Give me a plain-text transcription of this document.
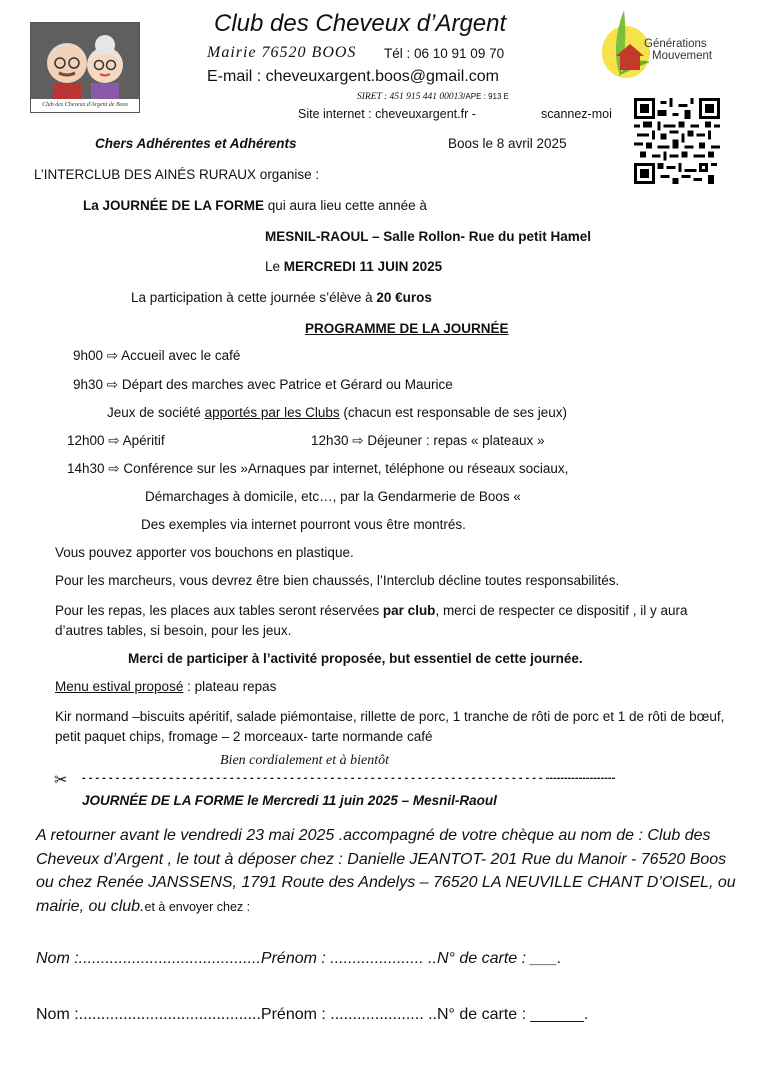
Club des Cheveux d'Argent de Boos
Club des Cheveux d’Argent
Mairie 76520 BOOS Tél : 06 10 91 09 70
E-mail : cheveuxargent.boos@gmail.com
SIRET : 451 915 441 00013/APE : 913 E
Site internet : cheveuxargent.fr -	scannez-moi
Générations
Mouvement
Chers Adhérentes et Adhérents	Boos le 8 avril 2025
L’INTERCLUB DES AINÉS RURAUX organise :
La JOURNÉE DE LA FORME qui aura lieu cette année à
MESNIL-RAOUL – Salle Rollon- Rue du petit Hamel
Le MERCREDI 11 JUIN 2025
La participation à cette journée s’élève à 20 €uros
PROGRAMME DE LA JOURNÉE
9h00 ⇨ Accueil avec le café
9h30 ⇨ Départ des marches avec Patrice et Gérard ou Maurice
Jeux de société apportés par les Clubs (chacun est responsable de ses jeux)
12h00 ⇨ Apéritif	12h30 ⇨ Déjeuner : repas « plateaux »
14h30 ⇨ Conférence sur les »Arnaques par internet, téléphone ou réseaux sociaux,
Démarchages à domicile, etc…, par la Gendarmerie de Boos «
Des exemples via internet pourront vous être montrés.
Vous pouvez apporter vos bouchons en plastique.
Pour les marcheurs, vous devrez être bien chaussés, l’Interclub décline toutes responsabilités.
Pour les repas, les places aux tables seront réservées par club, merci de respecter ce dispositif , il y aura d’autres tables, si besoin, pour les jeux.
Merci de participer à l’activité proposée, but essentiel de cette journée.
Menu estival proposé : plateau repas
Kir normand –biscuits apéritif, salade piémontaise, rillette de porc, 1 tranche de rôti de porc et 1 de rôti de bœuf, petit paquet chips, fromage – 2 morceaux- tarte normande café
Bien cordialement et à bientôt
✂ - - - - - - - - - - - - - - - - - - - - - - - - - - - - - - - - - - - - - - - - - - - - - - - - - - - - - - - - - - - - - - - - - - - - - -------------------
JOURNÉE DE LA FORME le Mercredi 11 juin 2025 – Mesnil-Raoul
A retourner avant le vendredi 23 mai 2025 .accompagné de votre chèque au nom de : Club des Cheveux d’Argent , le tout à déposer chez : Danielle JEANTOT- 201 Rue du Manoir - 76520 Boos ou chez Renée JANSSENS, 1791 Route des Andelys – 76520 LA NEUVILLE CHANT D’OISEL, ou mairie, ou club.et à envoyer chez :
Nom :.........................................Prénom : ..................... ..N° de carte : ___.
Nom :.........................................Prénom : ..................... ..N° de carte : ______.
